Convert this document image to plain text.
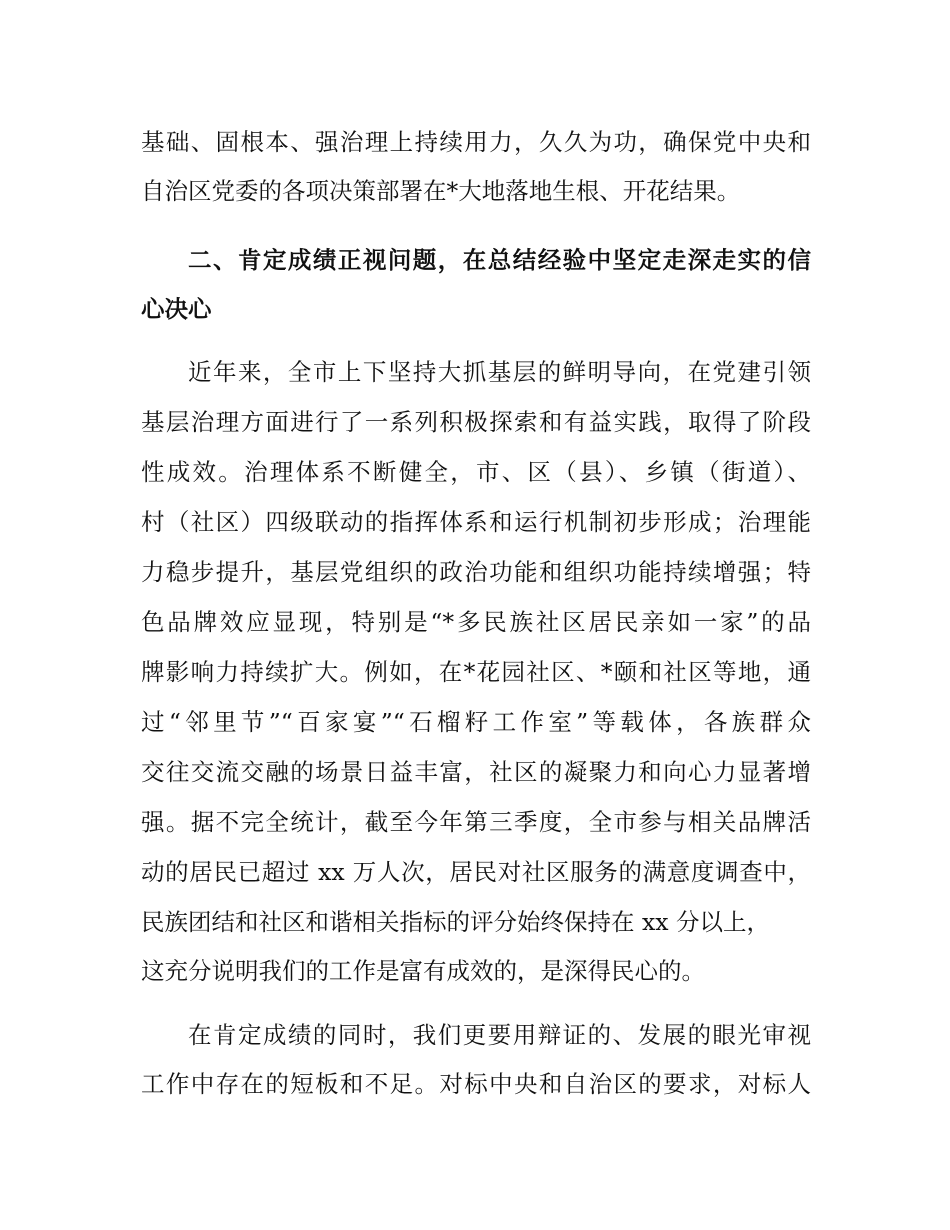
基础、固根本、强治理上持续用力，久久为功，确保党中央和
自治区党委的各项决策部署在*大地落地生根、开花结果。
二、肯定成绩正视问题，在总结经验中坚定走深走实的信
心决心
近年来，全市上下坚持大抓基层的鲜明导向，在党建引领
基层治理方面进行了一系列积极探索和有益实践，取得了阶段
性成效。治理体系不断健全，市、区（县）、乡镇（街道）、
村（社区）四级联动的指挥体系和运行机制初步形成；治理能
力稳步提升，基层党组织的政治功能和组织功能持续增强；特
色品牌效应显现，特别是“*多民族社区居民亲如一家”的品
牌影响力持续扩大。例如，在*花园社区、*颐和社区等地，通
过“邻里节”“百家宴”“石榴籽工作室”等载体，各族群众
交往交流交融的场景日益丰富，社区的凝聚力和向心力显著增
强。据不完全统计，截至今年第三季度，全市参与相关品牌活
动的居民已超过 xx 万人次，居民对社区服务的满意度调查中，
民族团结和社区和谐相关指标的评分始终保持在 xx 分以上，
这充分说明我们的工作是富有成效的，是深得民心的。
在肯定成绩的同时，我们更要用辩证的、发展的眼光审视
工作中存在的短板和不足。对标中央和自治区的要求，对标人
